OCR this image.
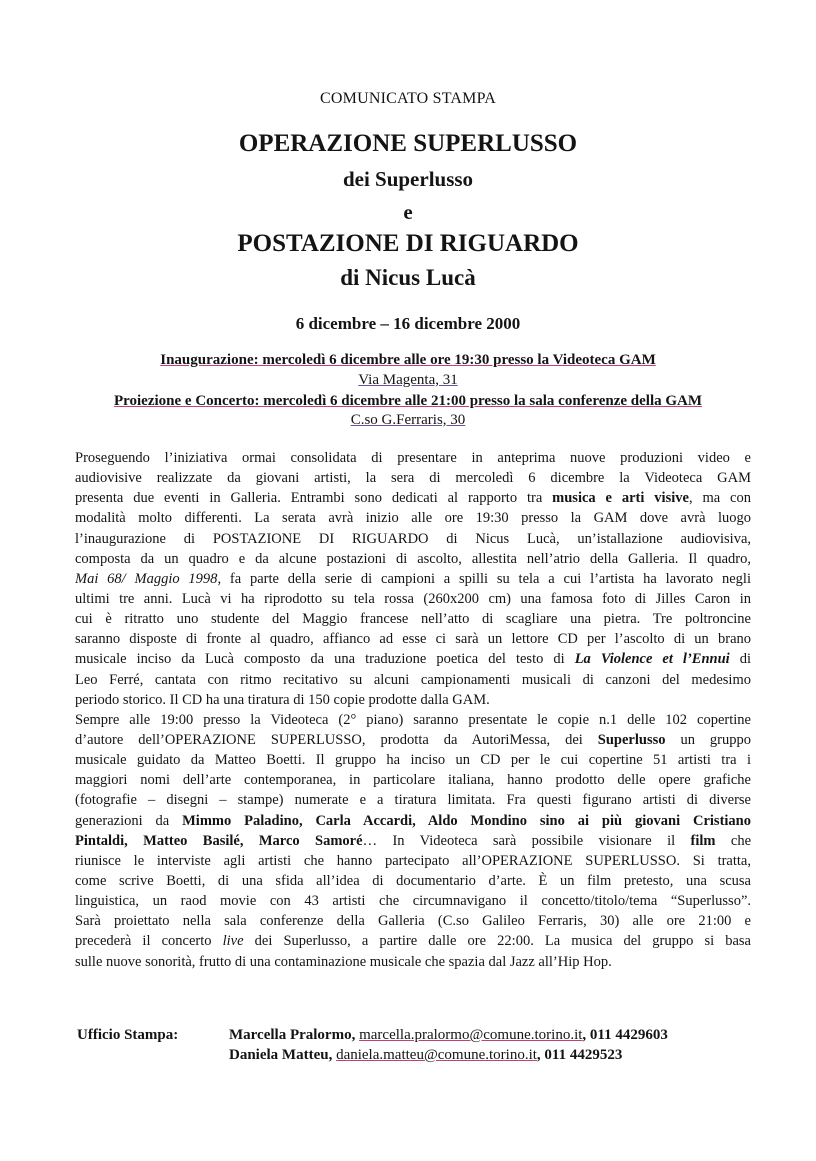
COMUNICATO STAMPA
OPERAZIONE SUPERLUSSO
dei Superlusso
e
POSTAZIONE DI RIGUARDO
di Nicus Lucà
6 dicembre – 16 dicembre 2000
Inaugurazione: mercoledì 6 dicembre alle ore 19:30 presso la Videoteca GAM
Via Magenta, 31
Proiezione e Concerto: mercoledì 6 dicembre alle 21:00 presso la sala conferenze della GAM
C.so G.Ferraris, 30
Proseguendo l’iniziativa ormai consolidata di presentare in anteprima nuove produzioni video e
audiovisive realizzate da giovani artisti, la sera di mercoledì 6 dicembre la Videoteca GAM
presenta due eventi in Galleria. Entrambi sono dedicati al rapporto tra musica e arti visive, ma con
modalità molto differenti. La serata avrà inizio alle ore 19:30 presso la GAM dove avrà luogo
l’inaugurazione di POSTAZIONE DI RIGUARDO di Nicus Lucà, un’istallazione audiovisiva,
composta da un quadro e da alcune postazioni di ascolto, allestita nell’atrio della Galleria. Il quadro,
Mai 68/ Maggio 1998, fa parte della serie di campioni a spilli su tela a cui l’artista ha lavorato negli
ultimi tre anni. Lucà vi ha riprodotto su tela rossa (260x200 cm) una famosa foto di Jilles Caron in
cui è ritratto uno studente del Maggio francese nell’atto di scagliare una pietra. Tre poltroncine
saranno disposte di fronte al quadro, affianco ad esse ci sarà un lettore CD per l’ascolto di un brano
musicale inciso da Lucà composto da una traduzione poetica del testo di La Violence et l’Ennui di
Leo Ferré, cantata con ritmo recitativo su alcuni campionamenti musicali di canzoni del medesimo
periodo storico. Il CD ha una tiratura di 150 copie prodotte dalla GAM.
Sempre alle 19:00 presso la Videoteca (2° piano) saranno presentate le copie n.1 delle 102 copertine
d’autore dell’OPERAZIONE SUPERLUSSO, prodotta da AutoriMessa, dei Superlusso un gruppo
musicale guidato da Matteo Boetti. Il gruppo ha inciso un CD per le cui copertine 51 artisti tra i
maggiori nomi dell’arte contemporanea, in particolare italiana, hanno prodotto delle opere grafiche
(fotografie – disegni – stampe) numerate e a tiratura limitata. Fra questi figurano artisti di diverse
generazioni da Mimmo Paladino, Carla Accardi, Aldo Mondino sino ai più giovani Cristiano
Pintaldi, Matteo Basilé, Marco Samoré… In Videoteca sarà possibile visionare il film che
riunisce le interviste agli artisti che hanno partecipato all’OPERAZIONE SUPERLUSSO. Si tratta,
come scrive Boetti, di una sfida all’idea di documentario d’arte. È un film pretesto, una scusa
linguistica, un raod movie con 43 artisti che circumnavigano il concetto/titolo/tema “Superlusso”.
Sarà proiettato nella sala conferenze della Galleria (C.so Galileo Ferraris, 30) alle ore 21:00 e
precederà il concerto live dei Superlusso, a partire dalle ore 22:00. La musica del gruppo si basa
sulle nuove sonorità, frutto di una contaminazione musicale che spazia dal Jazz all’Hip Hop.
Ufficio Stampa:	Marcella Pralormo, marcella.pralormo@comune.torino.it, 011 4429603
Daniela Matteu, daniela.matteu@comune.torino.it, 011 4429523
